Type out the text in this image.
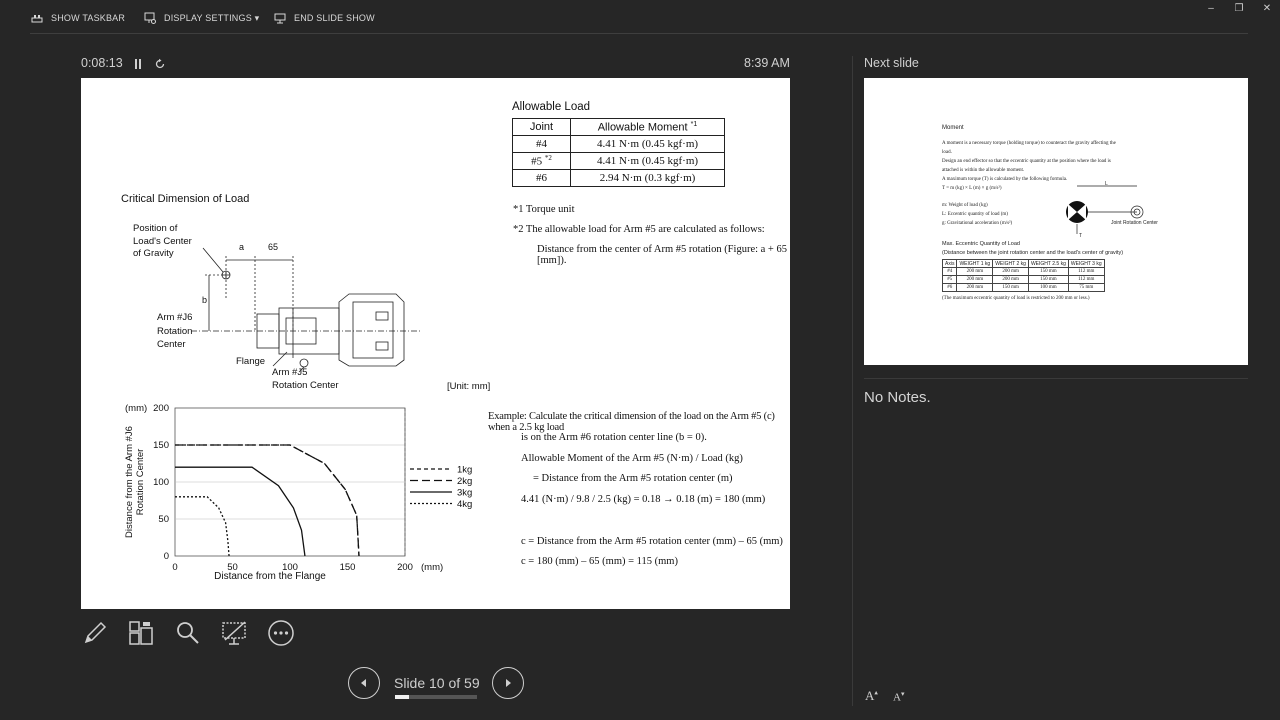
SHOW TASKBAR	DISPLAY SETTINGS ▾	END SLIDE SHOW
–	❐ ✕
0:08:13	8:39 AM
Allowable Load
Joint	Allowable Moment $^{*1}$
#4	4.41 N·m (0.45 kgf·m)
#5 $^{*2}$	4.41 N·m (0.45 kgf·m)
#6	2.94 N·m (0.3 kgf·m)
*1 Torque unit
*2 The allowable load for Arm #5 are calculated as follows:
Distance from the center of Arm #5 rotation (Figure: a + 65 [mm]).
Critical Dimension of Load
Position of
Load's Center
of Gravity
Arm #J6
Rotation
Center
Flange
Arm #J5
Rotation Center
a	65
b
[Unit: mm]
0
50
100
150
200
0	50	100	150	200
(mm)
(mm)
Distance from the Flange
Distance from the Arm #J6 Rotation Center	1kg
2kg
3kg
4kg
Example: Calculate the critical dimension of the load on the Arm #5 (c) when a 2.5 kg load
is on the Arm #6 rotation center line (b = 0).
Allowable Moment of the Arm #5 (N·m) / Load (kg)
= Distance from the Arm #5 rotation center (m)
4.41 (N·m) / 9.8 / 2.5 (kg) = 0.18 → 0.18 (m) = 180 (mm)
c = Distance from the Arm #5 rotation center (mm) – 65 (mm)
c = 180 (mm) – 65 (mm) = 115 (mm)
Next slide
Moment
A moment is a necessary torque (holding torque) to counteract the gravity affecting the
load.
Design an end effector so that the eccentric quantity at the position where the load is
attached is within the allowable moment.
A maximum torque (T) is calculated by the following formula.
T = m (kg) × L (m) × g (m/s²)
m: Weight of load (kg)
L: Eccentric quantity of load (m)
g: Gravitational acceleration (m/s²)
L
T
Joint Rotation Center
Max. Eccentric Quantity of Load
(Distance between the joint rotation center and the load's center of gravity)
Axis	WEIGHT 1 kg	WEIGHT 2 kg	WEIGHT 2.5 kg	WEIGHT 3 kg
#4	200 mm	200 mm	150 mm	112 mm
#5	200 mm	200 mm	150 mm	112 mm
#6	200 mm	150 mm	100 mm	75 mm
(The maximum eccentric quantity of load is restricted to 200 mm or less.)
No Notes.
Slide 10 of 59
A▴ A▾
